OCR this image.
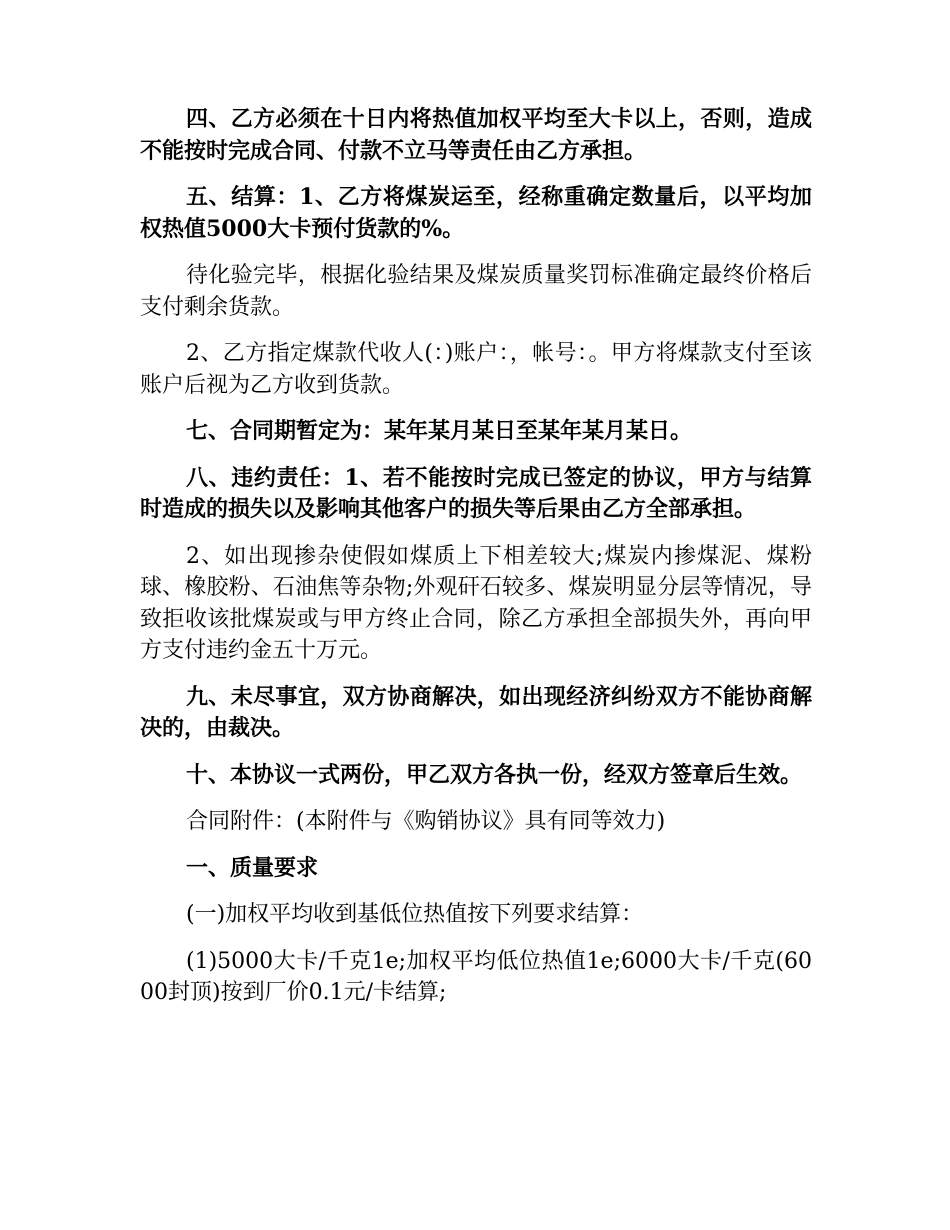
四、乙方必须在十日内将热值加权平均至大卡以上，否则，造成不能按时完成合同、付款不立马等责任由乙方承担。

五、结算：1、乙方将煤炭运至，经称重确定数量后，以平均加权热值5000大卡预付货款的%。

待化验完毕，根据化验结果及煤炭质量奖罚标准确定最终价格后支付剩余货款。

2、乙方指定煤款代收人(：)账户：，帐号：。甲方将煤款支付至该账户后视为乙方收到货款。

七、合同期暂定为：某年某月某日至某年某月某日。

八、违约责任：1、若不能按时完成已签定的协议，甲方与结算时造成的损失以及影响其他客户的损失等后果由乙方全部承担。

2、如出现掺杂使假如煤质上下相差较大;煤炭内掺煤泥、煤粉球、橡胶粉、石油焦等杂物;外观矸石较多、煤炭明显分层等情况，导致拒收该批煤炭或与甲方终止合同，除乙方承担全部损失外，再向甲方支付违约金五十万元。

九、未尽事宜，双方协商解决，如出现经济纠纷双方不能协商解决的，由裁决。

十、本协议一式两份，甲乙双方各执一份，经双方签章后生效。

合同附件：(本附件与《购销协议》具有同等效力)

一、质量要求

(一)加权平均收到基低位热值按下列要求结算：

(1)5000大卡/千克1e;加权平均低位热值1e;6000大卡/千克(6000封顶)按到厂价0.1元/卡结算;
